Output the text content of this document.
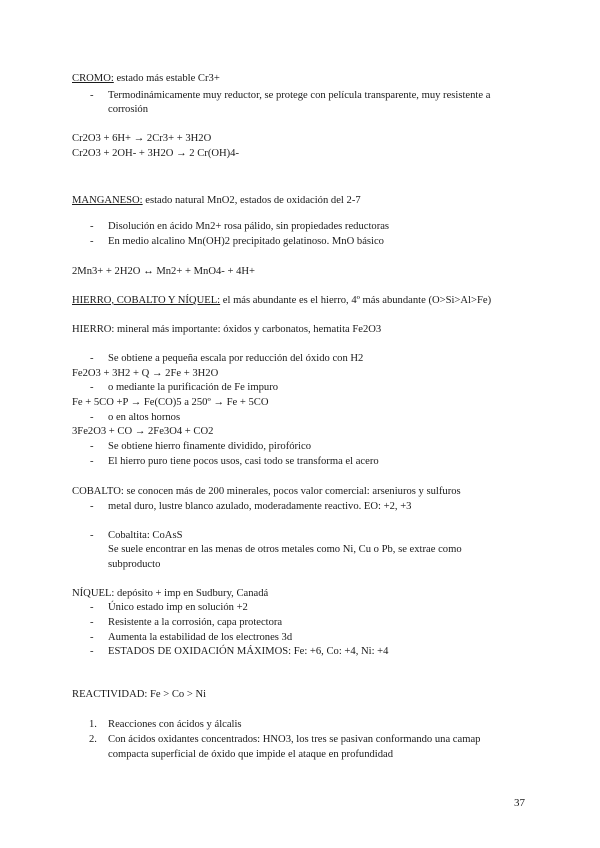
CROMO: estado más estable Cr3+
- Termodinámicamente muy reductor, se protege con película transparente, muy resistente a
corrosión
Cr2O3 + 6H+ → 2Cr3+ + 3H2O
Cr2O3 + 2OH- + 3H2O → 2 Cr(OH)4-
MANGANESO: estado natural MnO2, estados de oxidación del 2-7
- Disolución en ácido Mn2+ rosa pálido, sin propiedades reductoras
- En medio alcalino Mn(OH)2 precipitado gelatinoso. MnO básico
2Mn3+ + 2H2O ↔ Mn2+ + MnO4- + 4H+
HIERRO, COBALTO Y NÍQUEL: el más abundante es el hierro, 4º más abundante (O>Si>Al>Fe)
HIERRO: mineral más importante: óxidos y carbonatos, hematita Fe2O3
- Se obtiene a pequeña escala por reducción del óxido con H2
Fe2O3 + 3H2 + Q → 2Fe + 3H2O
- o mediante la purificación de Fe impuro
Fe + 5CO +P → Fe(CO)5 a 250º → Fe + 5CO
- o en altos hornos
3Fe2O3 + CO → 2Fe3O4 + CO2
- Se obtiene hierro finamente dividido, pirofórico
- El hierro puro tiene pocos usos, casi todo se transforma el acero
COBALTO: se conocen más de 200 minerales, pocos valor comercial: arseniuros y sulfuros
- metal duro, lustre blanco azulado, moderadamente reactivo. EO: +2, +3
- Cobaltita: CoAsS
Se suele encontrar en las menas de otros metales como Ni, Cu o Pb, se extrae como
subproducto
NÍQUEL: depósito + imp en Sudbury, Canadá
- Único estado imp en solución +2
- Resistente a la corrosión, capa protectora
- Aumenta la estabilidad de los electrones 3d
- ESTADOS DE OXIDACIÓN MÁXIMOS: Fe: +6, Co: +4, Ni: +4
REACTIVIDAD: Fe > Co > Ni
1. Reacciones con ácidos y álcalis
2. Con ácidos oxidantes concentrados: HNO3, los tres se pasivan conformando una camap
compacta superficial de óxido que impide el ataque en profundidad
37
